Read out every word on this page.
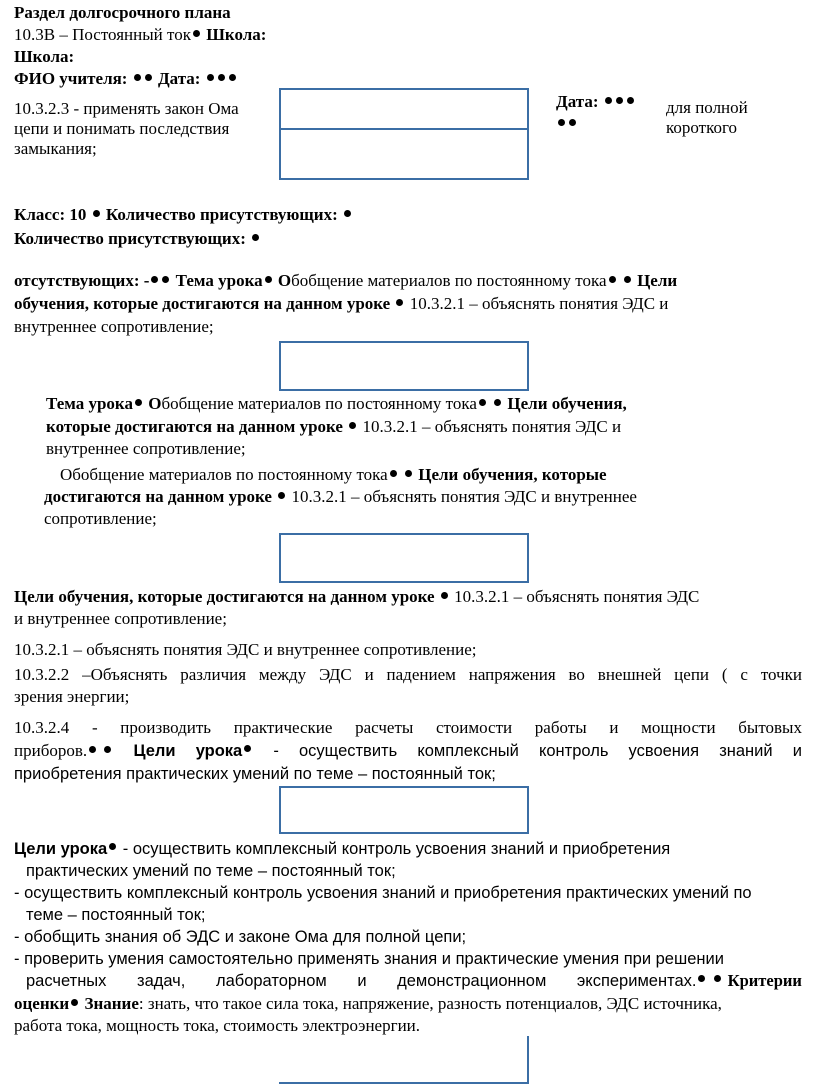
Раздел долгосрочного плана
10.3В – Постоянный ток Школа:
Школа:
ФИО учителя: Дата:
10.3.2.3 - применять закон Ома
цепи и понимать последствия
замыкания;
Дата:	для полной
короткого
Класс: 10 Количество присутствующих:
Количество присутствующих:
отсутствующих: - Тема урока Обобщение материалов по постоянному тока Цели
обучения, которые достигаются на данном уроке 10.3.2.1 – объяснять понятия ЭДС и
внутреннее сопротивление;
Тема урока Обобщение материалов по постоянному тока Цели обучения,
которые достигаются на данном уроке 10.3.2.1 – объяснять понятия ЭДС и
внутреннее сопротивление;
Обобщение материалов по постоянному тока Цели обучения, которые
достигаются на данном уроке 10.3.2.1 – объяснять понятия ЭДС и внутреннее
сопротивление;
Цели обучения, которые достигаются на данном уроке 10.3.2.1 – объяснять понятия ЭДС
и внутреннее сопротивление;
10.3.2.1 – объяснять понятия ЭДС и внутреннее сопротивление;
10.3.2.2 –Объяснять различия между ЭДС и падением напряжения во внешней цепи ( с точки
зрения энергии;
10.3.2.4 - производить практические расчеты стоимости работы и мощности бытовых
приборов.	Цели урока	- осуществить комплексный контроль усвоения знаний и
приобретения практических умений по теме – постоянный ток;
Цели урока - осуществить комплексный контроль усвоения знаний и приобретения
практических умений по теме – постоянный ток;
- осуществить комплексный контроль усвоения знаний и приобретения практических умений по
теме – постоянный ток;
- обобщить знания об ЭДС и законе Ома для полной цепи;
- проверить умения самостоятельно применять знания и практические умения при решении
расчетных задач, лабораторном и демонстрационном экспериментах. Критерии
оценки Знание: знать, что такое сила тока, напряжение, разность потенциалов, ЭДС источника,
работа тока, мощность тока, стоимость электроэнергии.
